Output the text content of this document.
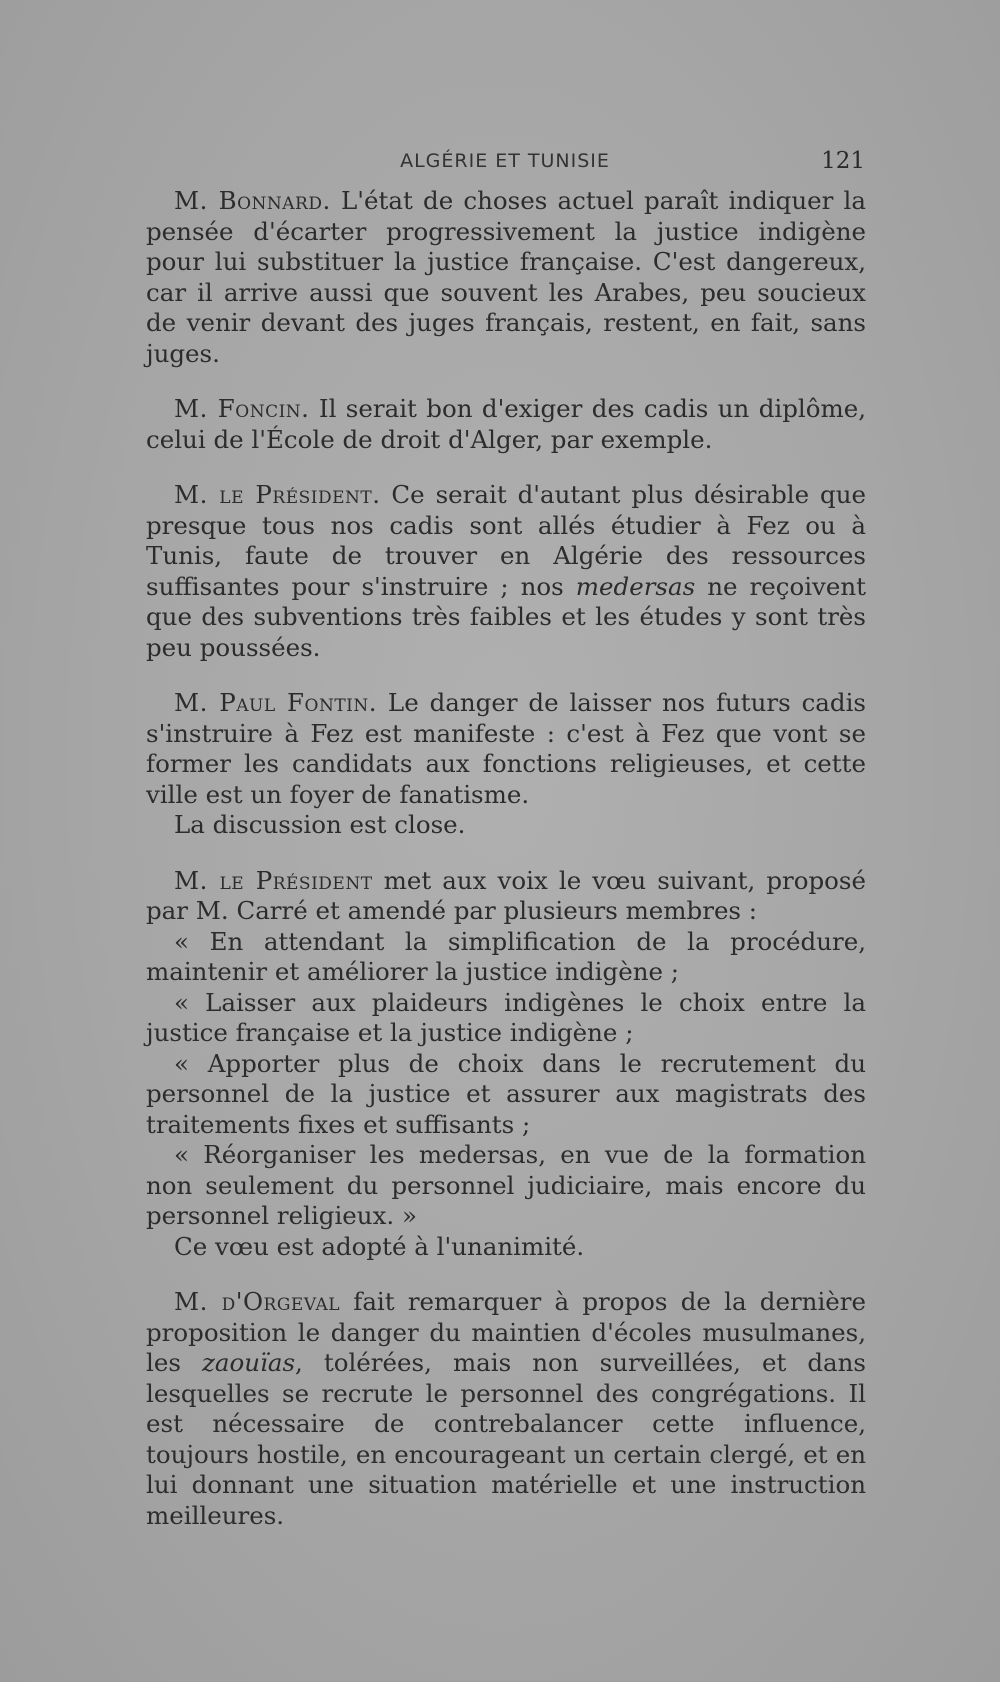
ALGÉRIE ET TUNISIE	121

M. Bonnard. L'état de choses actuel paraît indiquer la pensée d'écarter progressivement la justice indigène pour lui substituer la justice française. C'est dangereux, car il arrive aussi que souvent les Arabes, peu soucieux de venir devant des juges français, restent, en fait, sans juges.

M. Foncin. Il serait bon d'exiger des cadis un diplôme, celui de l'École de droit d'Alger, par exemple.

M. le Président. Ce serait d'autant plus désirable que presque tous nos cadis sont allés étudier à Fez ou à Tunis, faute de trouver en Algérie des ressources suffisantes pour s'instruire ; nos medersas ne reçoivent que des subventions très faibles et les études y sont très peu poussées.

M. Paul Fontin. Le danger de laisser nos futurs cadis s'instruire à Fez est manifeste : c'est à Fez que vont se former les candidats aux fonctions religieuses, et cette ville est un foyer de fanatisme.

La discussion est close.

M. le Président met aux voix le vœu suivant, proposé par M. Carré et amendé par plusieurs membres :

« En attendant la simplification de la procédure, maintenir et améliorer la justice indigène ;

« Laisser aux plaideurs indigènes le choix entre la justice française et la justice indigène ;

« Apporter plus de choix dans le recrutement du personnel de la justice et assurer aux magistrats des traitements fixes et suffisants ;

« Réorganiser les medersas, en vue de la formation non seulement du personnel judiciaire, mais encore du personnel religieux. »

Ce vœu est adopté à l'unanimité.

M. d'Orgeval fait remarquer à propos de la dernière proposition le danger du maintien d'écoles musulmanes, les zaouïas, tolérées, mais non surveillées, et dans lesquelles se recrute le personnel des congrégations. Il est nécessaire de contrebalancer cette influence, toujours hostile, en encourageant un certain clergé, et en lui donnant une situation matérielle et une instruction meilleures.
